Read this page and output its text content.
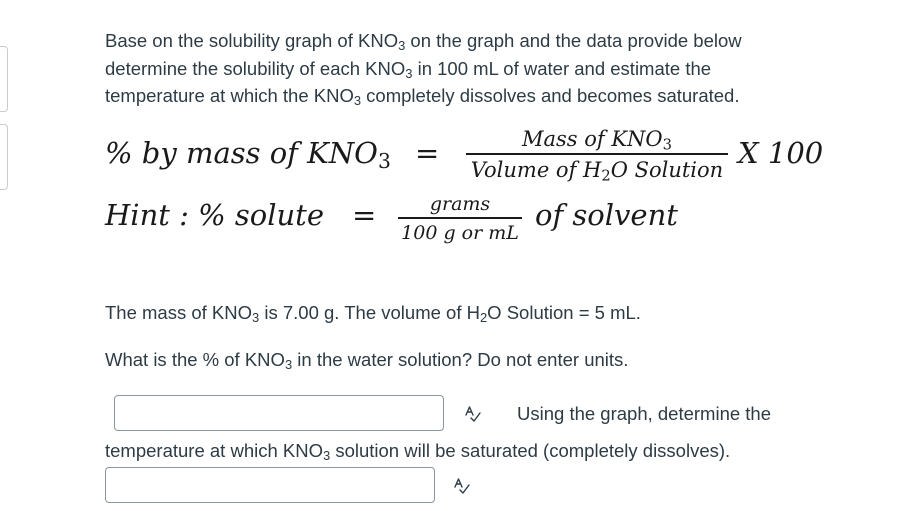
Base on the solubility graph of $KNO_3$ on the graph and the data provide below
determine the solubility of each $KNO_3$ in 100 mL of water and estimate the
temperature at which the $KNO_3$ completely dissolves and becomes saturated.
% by mass of $KNO_3$ =	Mass of $KNO_3$
Volume of $H_2O$ Solution X 100
Hint : % solute =	grams
100 g or mL
of solvent
The mass of $KNO_3$ is 7.00 g. The volume of $H_2O$ Solution = 5 mL.
What is the % of $KNO_3$ in the water solution? Do not enter units.
Using the graph, determine the
temperature at which $KNO_3$ solution will be saturated (completely dissolves).
